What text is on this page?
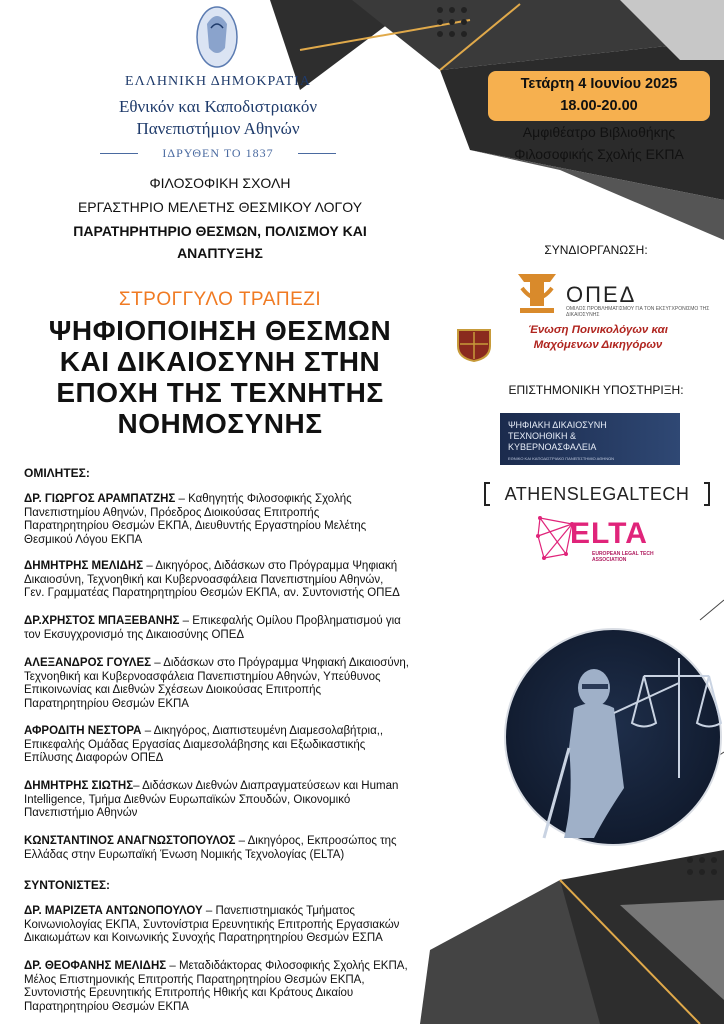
ΕΛΛΗΝΙΚΗ ΔΗΜΟΚΡΑΤΙΑ
Εθνικόν και Καποδιστριακόν
Πανεπιστήμιον Αθηνών
ΙΔΡΥΘΕΝ ΤΟ 1837
ΦΙΛΟΣΟΦΙΚΗ ΣΧΟΛΗ
ΕΡΓΑΣΤΗΡΙΟ ΜΕΛΕΤΗΣ ΘΕΣΜΙΚΟΥ ΛΟΓΟΥ
ΠΑΡΑΤΗΡΗΤΗΡΙΟ ΘΕΣΜΩΝ, ΠΟΛΙΣΜΟΥ ΚΑΙ
ΑΝΑΠΤΥΞΗΣ
ΣΤΡΟΓΓΥΛΟ ΤΡΑΠΕΖΙ
ΨΗΦΙΟΠΟΙΗΣΗ ΘΕΣΜΩΝ
ΚΑΙ ΔΙΚΑΙΟΣΥΝΗ ΣΤΗΝ
ΕΠΟΧΗ ΤΗΣ ΤΕΧΝΗΤΗΣ
ΝΟΗΜΟΣΥΝΗΣ
ΟΜΙΛΗΤΕΣ:
ΔΡ. ΓΙΩΡΓΟΣ ΑΡΑΜΠΑΤΖΗΣ – Καθηγητής Φιλοσοφικής Σχολής
Πανεπιστημίου Αθηνών, Πρόεδρος Διοικούσας Επιτροπής
Παρατηρητηρίου Θεσμών ΕΚΠΑ, Διευθυντής Εργαστηρίου Μελέτης
Θεσμικού Λόγου ΕΚΠΑ
ΔΗΜΗΤΡΗΣ ΜΕΛΙΔΗΣ – Δικηγόρος, Διδάσκων στο Πρόγραμμα Ψηφιακή
Δικαιοσύνη, Τεχνοηθική και Κυβερνοασφάλεια Πανεπιστημίου Αθηνών,
Γεν. Γραμματέας Παρατηρητηρίου Θεσμών ΕΚΠΑ, αν. Συντονιστής ΟΠΕΔ
ΔΡ.ΧΡΗΣΤΟΣ ΜΠΑΞΕΒΑΝΗΣ – Επικεφαλής Ομίλου Προβληματισμού για
τον Εκσυγχρονισμό της Δικαιοσύνης ΟΠΕΔ
ΑΛΕΞΑΝΔΡΟΣ ΓΟΥΛΕΣ – Διδάσκων στο Πρόγραμμα Ψηφιακή Δικαιοσύνη,
Τεχνοηθική και Κυβερνοασφάλεια Πανεπιστημίου Αθηνών, Υπεύθυνος
Επικοινωνίας και Διεθνών Σχέσεων Διοικούσας Επιτροπής
Παρατηρητηρίου Θεσμών ΕΚΠΑ
ΑΦΡΟΔΙΤΗ ΝΕΣΤΟΡΑ – Δικηγόρος, Διαπιστευμένη Διαμεσολαβήτρια,,
Επικεφαλής Ομάδας Εργασίας Διαμεσολάβησης και Εξωδικαστικής
Επίλυσης Διαφορών ΟΠΕΔ
ΔΗΜΗΤΡΗΣ ΣΙΩΤΗΣ– Διδάσκων Διεθνών Διαπραγματεύσεων και Human
Intelligence, Τμήμα Διεθνών Ευρωπαϊκών Σπουδών, Οικονομικό
Πανεπιστήμιο Αθηνών
ΚΩΝΣΤΑΝΤΙΝΟΣ ΑΝΑΓΝΩΣΤΟΠΟΥΛΟΣ – Δικηγόρος, Εκπροσώπος της
Ελλάδας στην Ευρωπαϊκή Ένωση Νομικής Τεχνολογίας (ELTA)
ΣΥΝΤΟΝΙΣΤΕΣ:
ΔΡ. ΜΑΡΙΖΕΤΑ ΑΝΤΩΝΟΠΟΥΛΟΥ – Πανεπιστημιακός Τμήματος
Κοινωνιολογίας ΕΚΠΑ, Συντονίστρια Ερευνητικής Επιτροπής Εργασιακών
Δικαιωμάτων και Κοινωνικής Συνοχής Παρατηρητηρίου Θεσμών ΕΣΠΑ
ΔΡ. ΘΕΟΦΑΝΗΣ ΜΕΛΙΔΗΣ – Μεταδιδάκτορας Φιλοσοφικής Σχολής ΕΚΠΑ,
Μέλος Επιστημονικής Επιτροπής Παρατηρητηρίου Θεσμών ΕΚΠΑ,
Συντονιστής Ερευνητικής Επιτροπής Ηθικής και Κράτους Δικαίου
Παρατηρητηρίου Θεσμών ΕΚΠΑ
Τετάρτη 4 Ιουνίου 2025
18.00-20.00
Αμφιθέατρο Βιβλιοθήκης
Φιλοσοφικής Σχολής ΕΚΠΑ
ΣΥΝΔΙΟΡΓΑΝΩΣΗ:
ΟΠΕΔ
ΟΜΙΛΟΣ ΠΡΟΒΛΗΜΑΤΙΣΜΟΥ ΓΙΑ ΤΟΝ ΕΚΣΥΓΧΡΟΝΙΣΜΟ ΤΗΣ ΔΙΚΑΙΟΣΥΝΗΣ
Ένωση Ποινικολόγων και
Μαχόμενων Δικηγόρων
ΕΠΙΣΤΗΜΟΝΙΚΗ ΥΠΟΣΤΗΡΙΞΗ:
ΨΗΦΙΑΚΗ ΔΙΚΑΙΟΣΥΝΗ
ΤΕΧΝΟΗΘΙΚΗ &
ΚΥΒΕΡΝΟΑΣΦΑΛΕΙΑ
ΕΘΝΙΚΟ ΚΑΙ ΚΑΠΟΔΙΣΤΡΙΑΚΟ ΠΑΝΕΠΙΣΤΗΜΙΟ ΑΘΗΝΩΝ
ATHENSLEGALTECH
ELTA
EUROPEAN LEGAL TECH ASSOCIATION
